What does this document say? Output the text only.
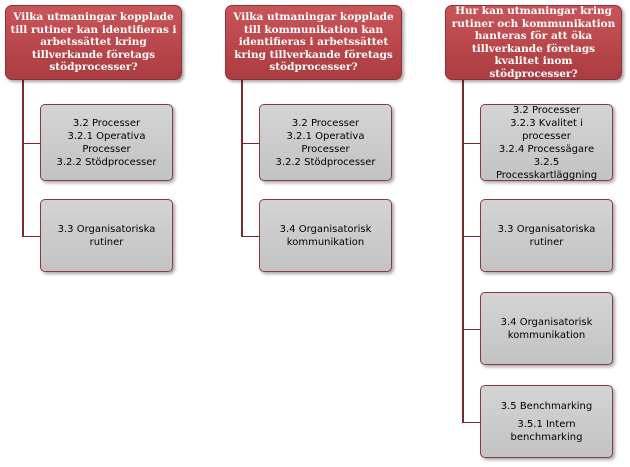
3.2 Processer
3.2.1 Operativa Processer
3.2.2 Stödprocesser
3.3 Organisatoriska rutiner
Vilka utmaningar kopplade till rutiner kan identifieras i arbetssättet kring tillverkande företags stödprocesser?
3.2 Processer
3.2.1 Operativa Processer
3.2.2 Stödprocesser
3.4 Organisatorisk kommunikation
Vilka utmaningar kopplade till kommunikation kan identifieras i arbetssättet kring tillverkande företags stödprocesser?
3.2 Processer
3.2.3 Kvalitet i processer
3.2.4 Processägare
3.2.5 Processkartläggning
3.3 Organisatoriska rutiner
3.4 Organisatorisk kommunikation
3.5 Benchmarking
3.5.1 Intern benchmarking
Hur kan utmaningar kring rutiner och kommunikation hanteras för att öka tillverkande företags kvalitet inom stödprocesser?
